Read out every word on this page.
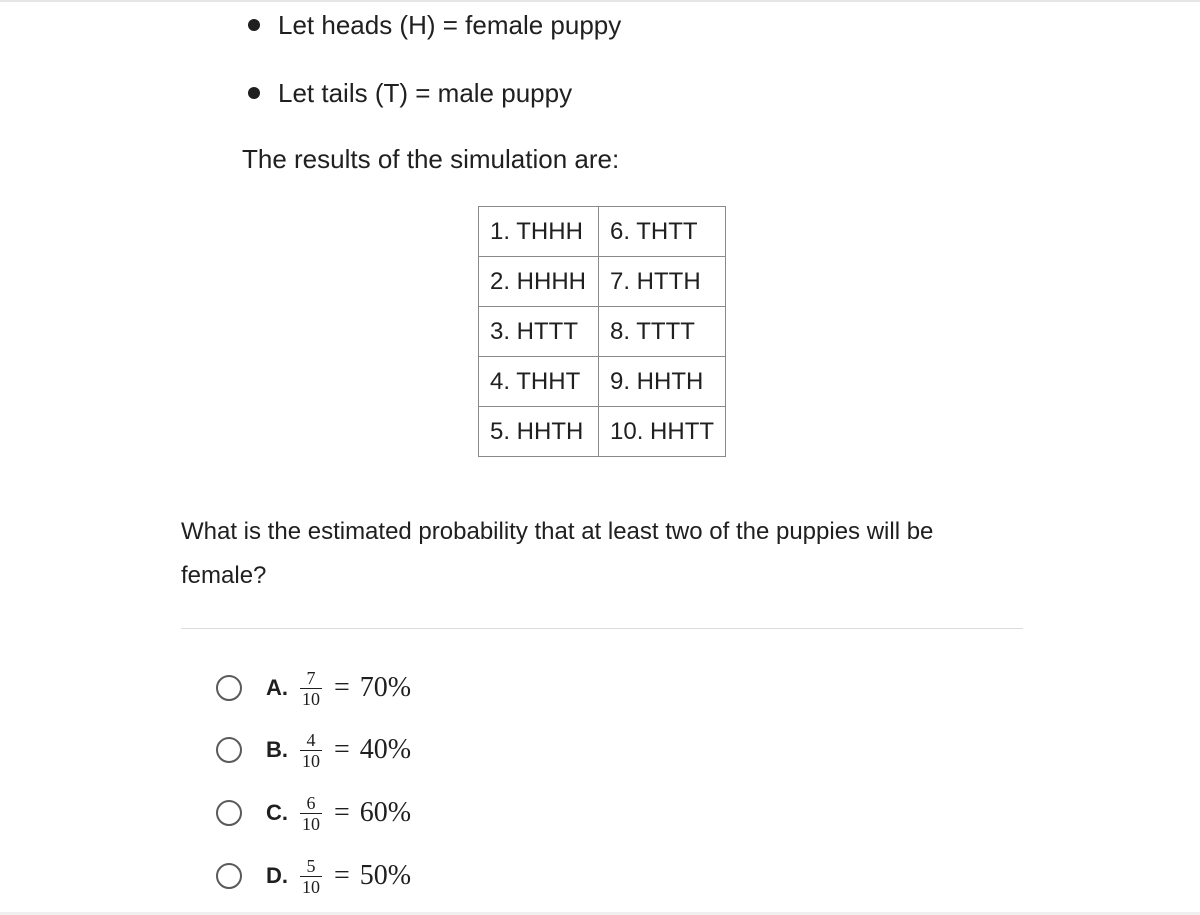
Let heads (H) = female puppy
Let tails (T) = male puppy
The results of the simulation are:
1. THHH	6. THTT
2. HHHH	7. HTTH
3. HTTT	8. TTTT
4. THHT	9. HHTH
5. HHTH	10. HHTT
What is the estimated probability that at least two of the puppies will be female?
A. $\frac{7}{10} = 70\%$
B. $\frac{4}{10} = 40\%$
C. $\frac{6}{10} = 60\%$
D. $\frac{5}{10} = 50\%$
